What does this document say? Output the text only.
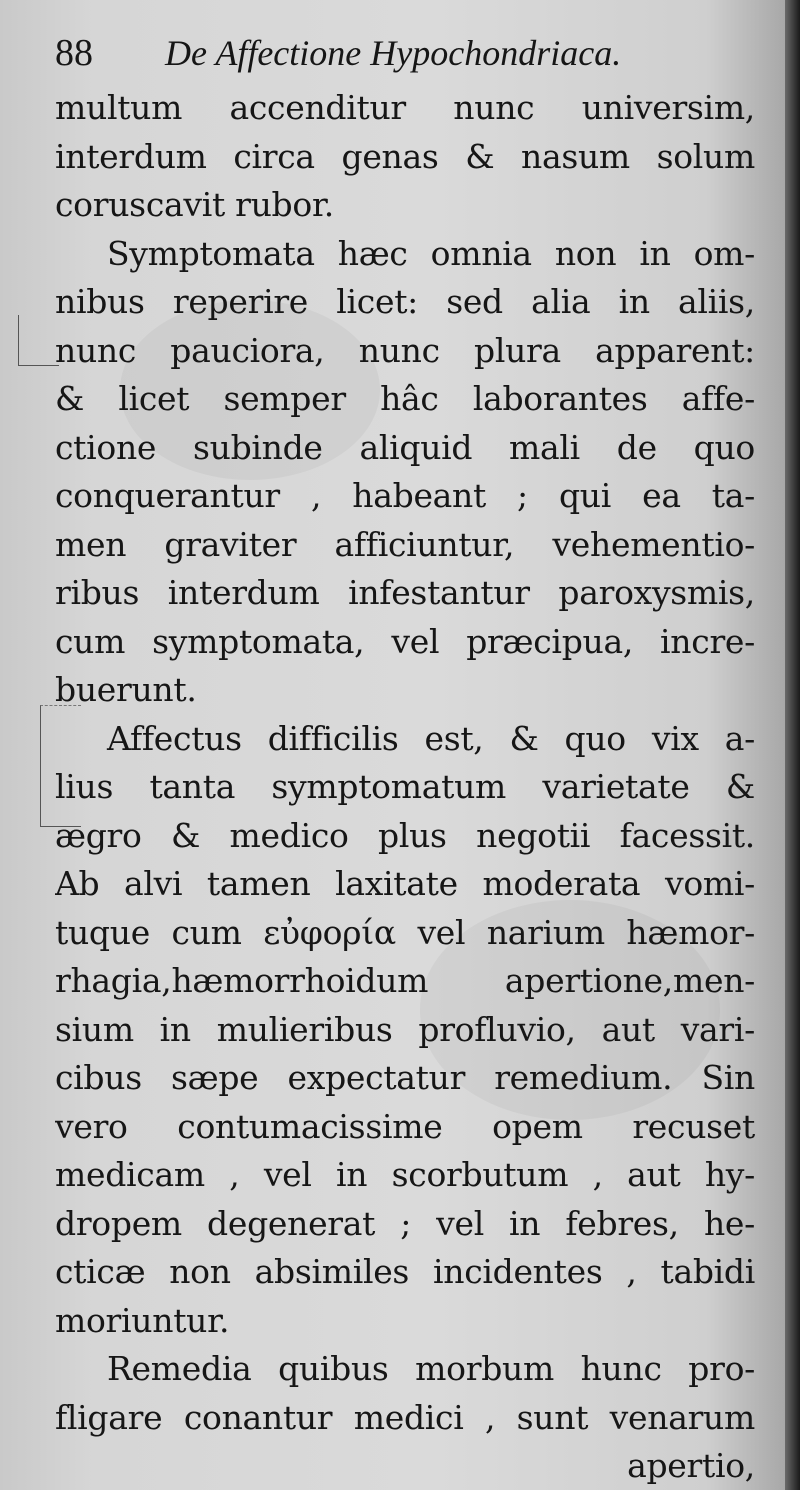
88 De Affectione Hypochondriaca.
multum accenditur nunc universim,
interdum circa genas & nasum solum
coruscavit rubor.
Symptomata hæc omnia non in om-
nibus reperire licet: sed alia in aliis,
nunc pauciora, nunc plura apparent:
& licet semper hâc laborantes affe-
ctione subinde aliquid mali de quo
conquerantur , habeant ; qui ea ta-
men graviter afficiuntur, vehementio-
ribus interdum infestantur paroxysmis,
cum symptomata, vel præcipua, incre-
buerunt.
Affectus difficilis est, & quo vix a-
lius tanta symptomatum varietate &
ægro & medico plus negotii facessit.
Ab alvi tamen laxitate moderata vomi-
tuque cum εὐφορία vel narium hæmor-
rhagia,hæmorrhoidum apertione,men-
sium in mulieribus profluvio, aut vari-
cibus sæpe expectatur remedium. Sin
vero contumacissime opem recuset
medicam , vel in scorbutum , aut hy-
dropem degenerat ; vel in febres, he-
cticæ non absimiles incidentes , tabidi
moriuntur.
Remedia quibus morbum hunc pro-
fligare conantur medici , sunt venarum
apertio,
